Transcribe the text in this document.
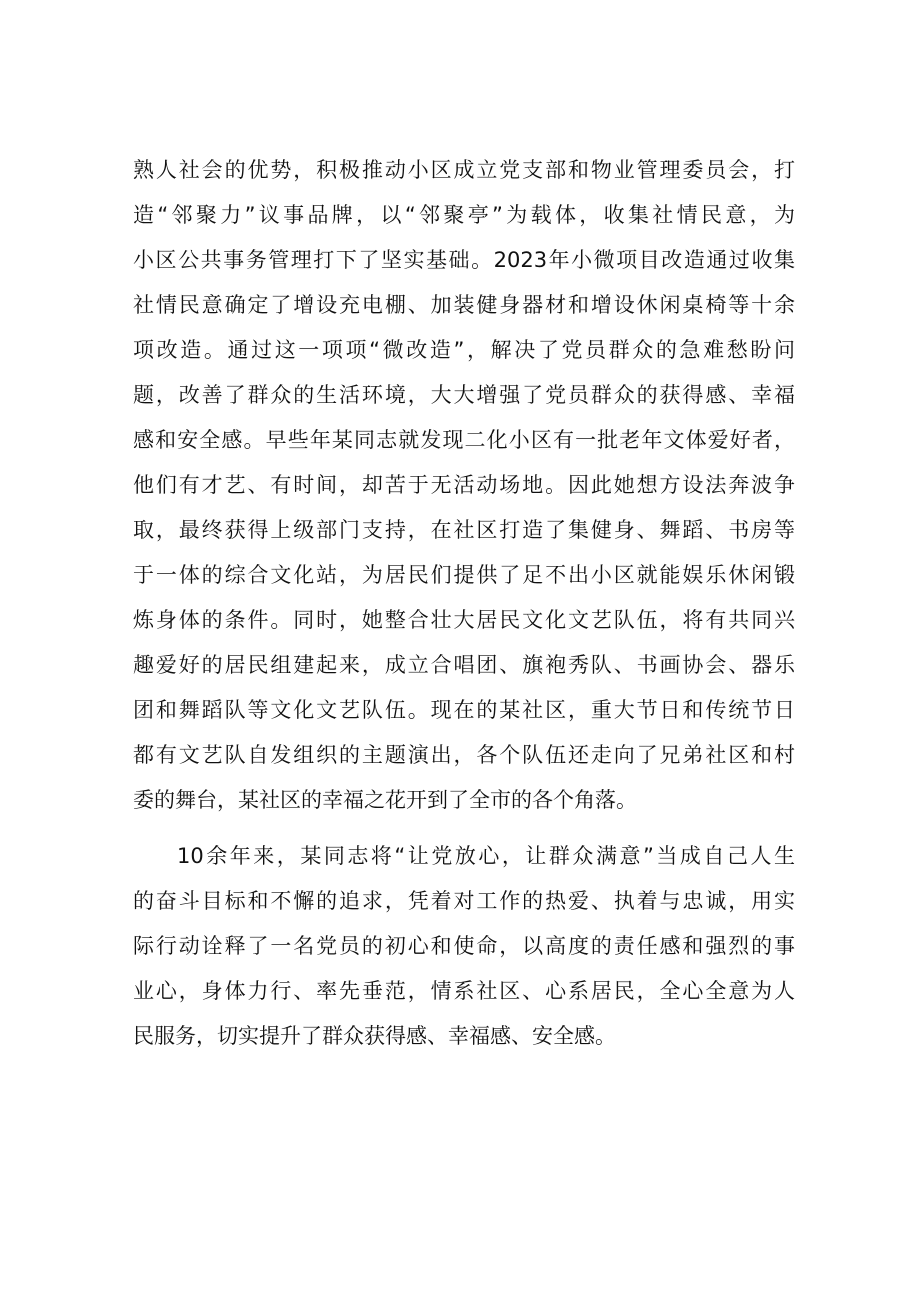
熟人社会的优势，积极推动小区成立党支部和物业管理委员会，打
造“邻聚力”议事品牌，以“邻聚亭”为载体，收集社情民意，为
小区公共事务管理打下了坚实基础。2023年小微项目改造通过收集
社情民意确定了增设充电棚、加装健身器材和增设休闲桌椅等十余
项改造。通过这一项项“微改造”，解决了党员群众的急难愁盼问
题，改善了群众的生活环境，大大增强了党员群众的获得感、幸福
感和安全感。早些年某同志就发现二化小区有一批老年文体爱好者，
他们有才艺、有时间，却苦于无活动场地。因此她想方设法奔波争
取，最终获得上级部门支持，在社区打造了集健身、舞蹈、书房等
于一体的综合文化站，为居民们提供了足不出小区就能娱乐休闲锻
炼身体的条件。同时，她整合壮大居民文化文艺队伍，将有共同兴
趣爱好的居民组建起来，成立合唱团、旗袍秀队、书画协会、器乐
团和舞蹈队等文化文艺队伍。现在的某社区，重大节日和传统节日
都有文艺队自发组织的主题演出，各个队伍还走向了兄弟社区和村
委的舞台，某社区的幸福之花开到了全市的各个角落。
10余年来，某同志将“让党放心，让群众满意”当成自己人生
的奋斗目标和不懈的追求，凭着对工作的热爱、执着与忠诚，用实
际行动诠释了一名党员的初心和使命，以高度的责任感和强烈的事
业心，身体力行、率先垂范，情系社区、心系居民，全心全意为人
民服务，切实提升了群众获得感、幸福感、安全感。
